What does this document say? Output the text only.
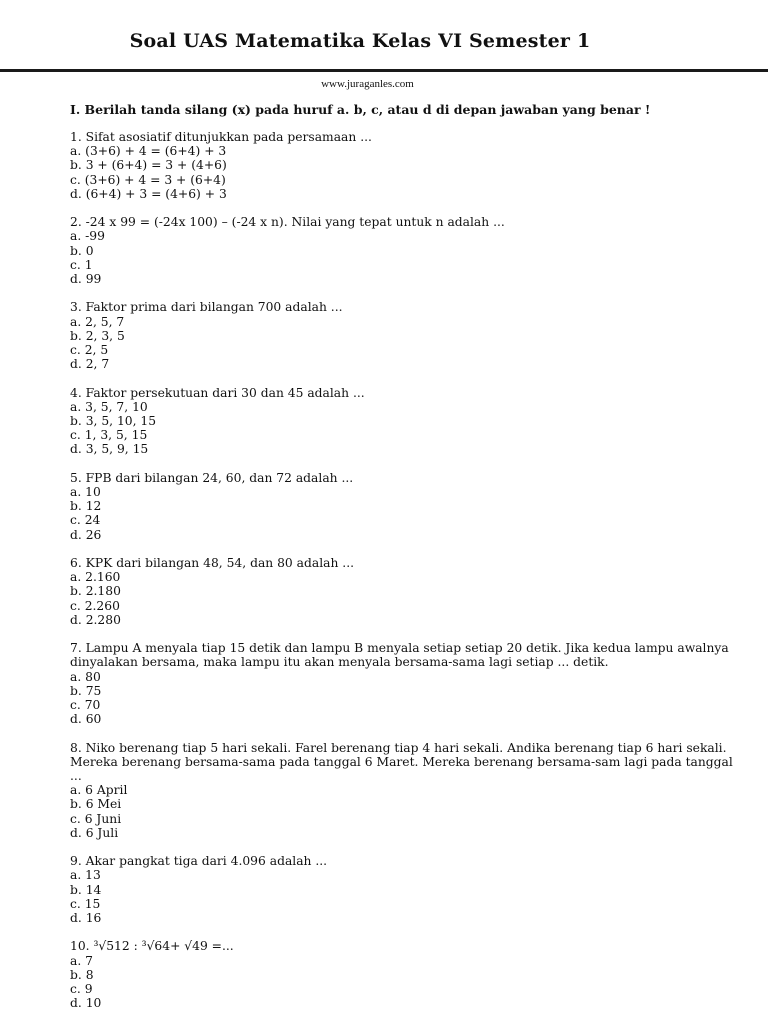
Soal UAS Matematika Kelas VI Semester 1
www.juraganles.com
I. Berilah tanda silang (x) pada huruf a. b, c, atau d di depan jawaban yang benar !
1. Sifat asosiatif ditunjukkan pada persamaan ...
a. (3+6) + 4 = (6+4) + 3
b. 3 + (6+4) = 3 + (4+6)
c. (3+6) + 4 = 3 + (6+4)
d. (6+4) + 3 = (4+6) + 3
2. -24 x 99 = (-24x 100) – (-24 x n). Nilai yang tepat untuk n adalah ...
a. -99
b. 0
c. 1
d. 99
3. Faktor prima dari bilangan 700 adalah ...
a. 2, 5, 7
b. 2, 3, 5
c. 2, 5
d. 2, 7
4. Faktor persekutuan dari 30 dan 45 adalah ...
a. 3, 5, 7, 10
b. 3, 5, 10, 15
c. 1, 3, 5, 15
d. 3, 5, 9, 15
5. FPB dari bilangan 24, 60, dan 72 adalah ...
a. 10
b. 12
c. 24
d. 26
6. KPK dari bilangan 48, 54, dan 80 adalah ...
a. 2.160
b. 2.180
c. 2.260
d. 2.280
7. Lampu A menyala tiap 15 detik dan lampu B menyala setiap setiap 20 detik. Jika kedua lampu awalnya dinyalakan bersama, maka lampu itu akan menyala bersama-sama lagi setiap ... detik.
a. 80
b. 75
c. 70
d. 60
8. Niko berenang tiap 5 hari sekali. Farel berenang tiap 4 hari sekali. Andika berenang tiap 6 hari sekali. Mereka berenang bersama-sama pada tanggal 6 Maret. Mereka berenang bersama-sam lagi pada tanggal ...
a. 6 April
b. 6 Mei
c. 6 Juni
d. 6 Juli
9. Akar pangkat tiga dari 4.096 adalah ...
a. 13
b. 14
c. 15
d. 16
10. ³√512 : ³√64+ √49 =...
a. 7
b. 8
c. 9
d. 10
